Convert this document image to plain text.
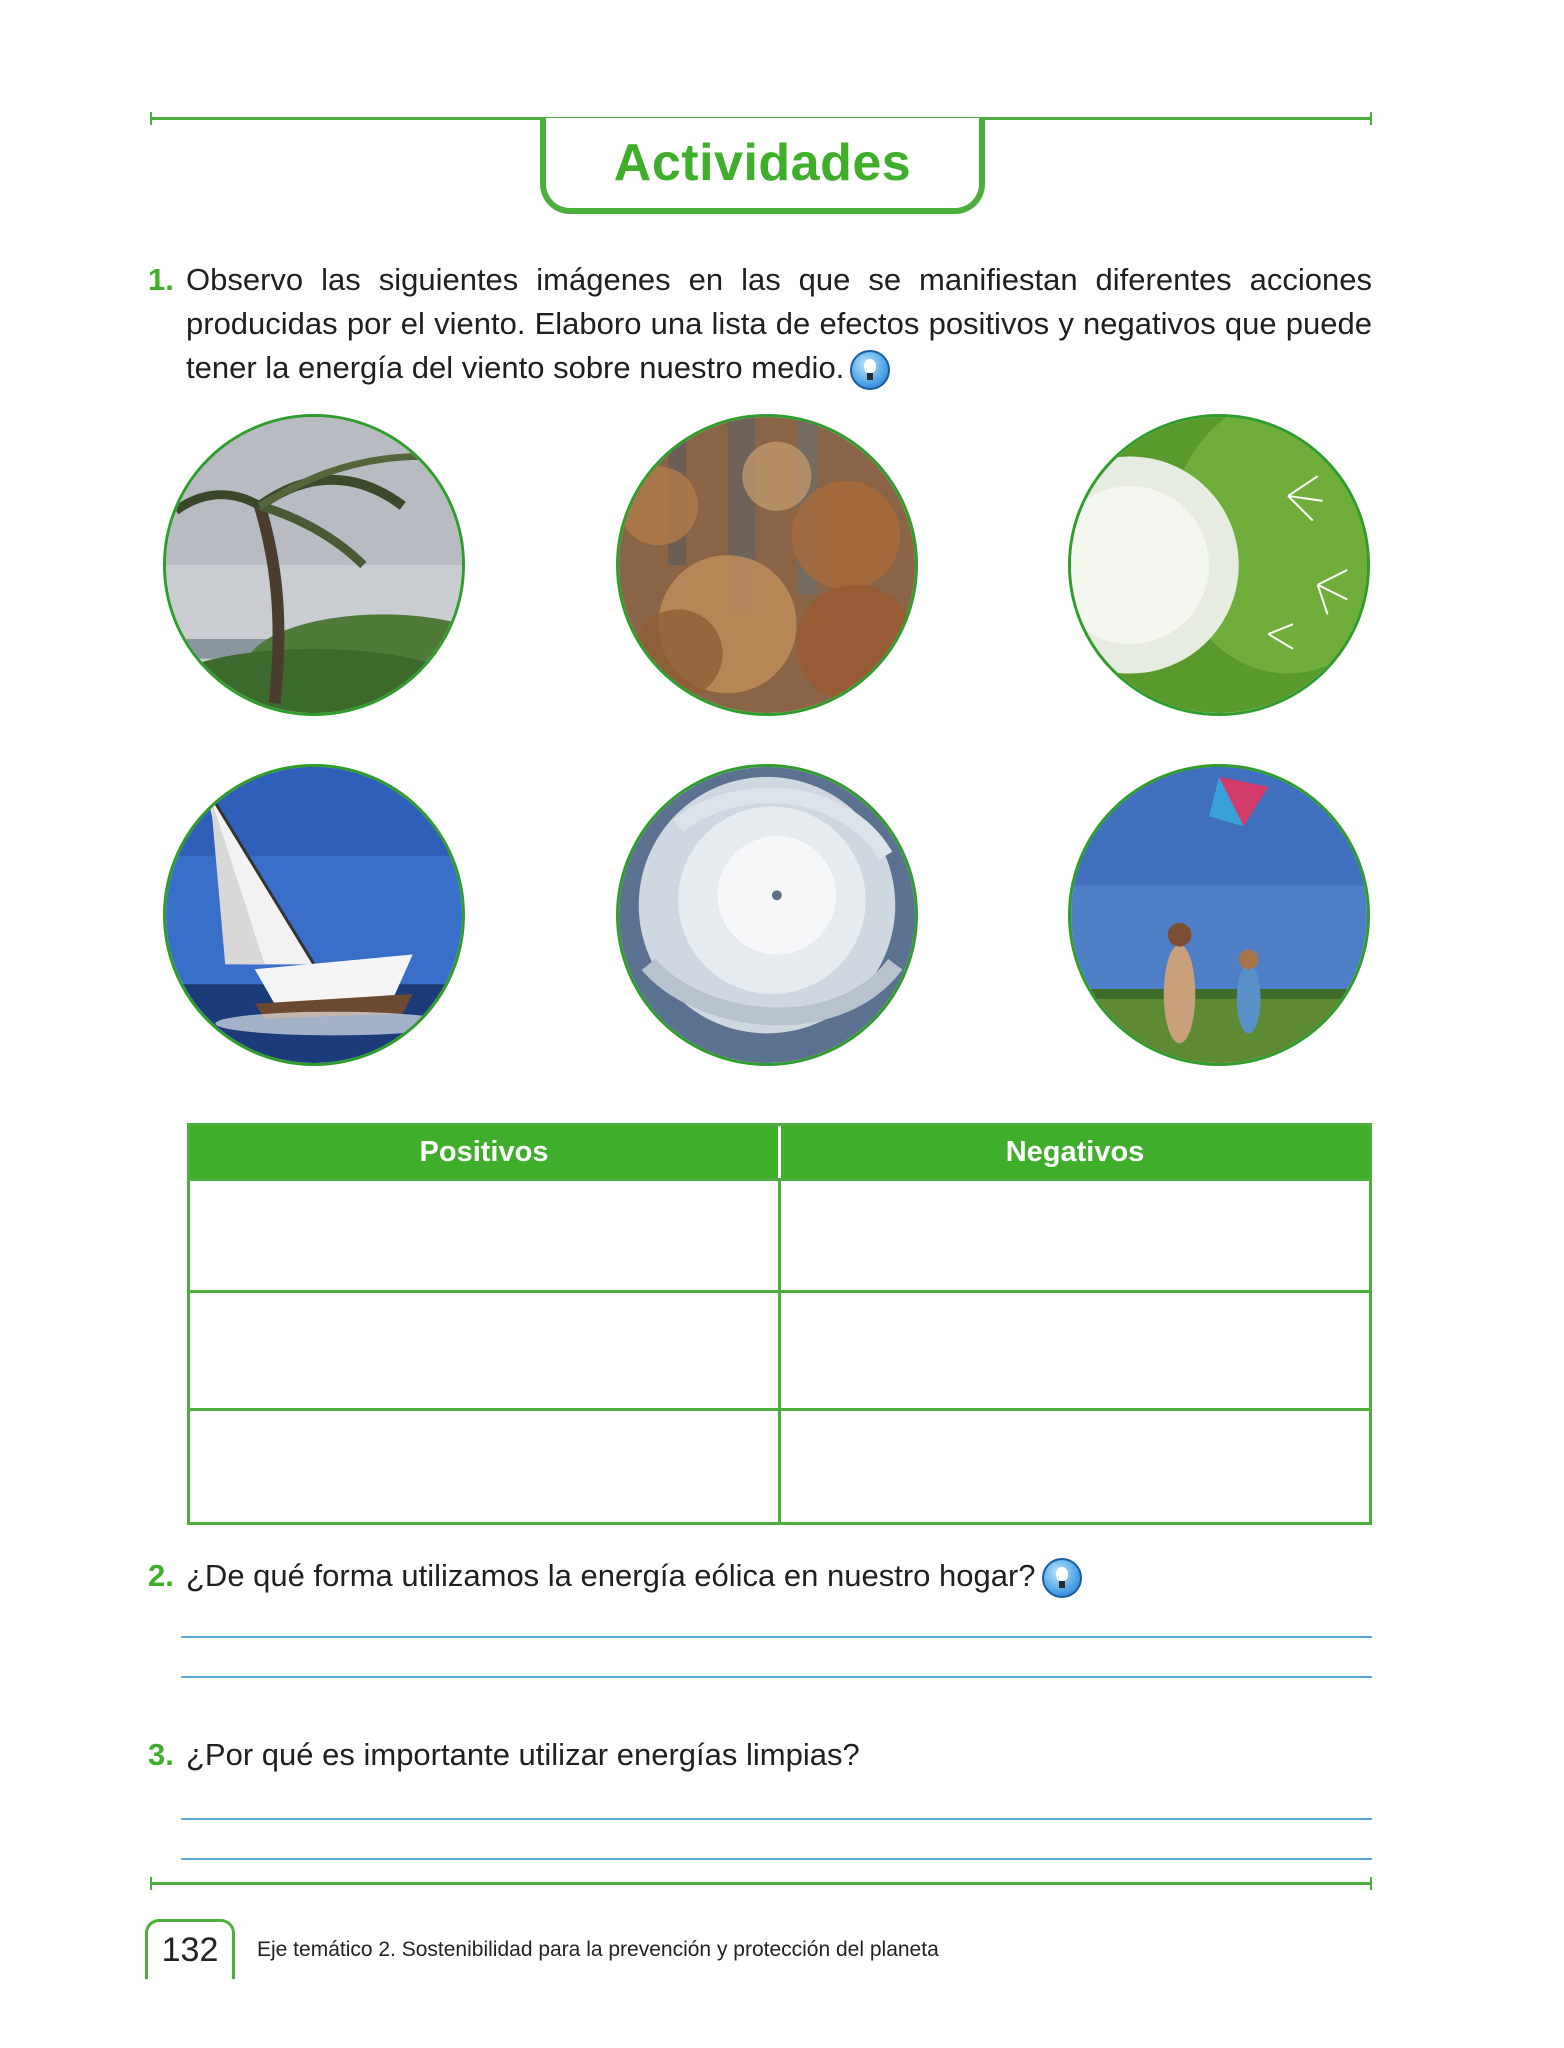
Actividades
1. Observo las siguientes imágenes en las que se manifiestan diferentes acciones producidas por el viento. Elaboro una lista de efectos positivos y negativos que puede tener la energía del viento sobre nuestro medio.
Positivos	Negativos
2. ¿De qué forma utilizamos la energía eólica en nuestro hogar?
3. ¿Por qué es importante utilizar energías limpias?
132 Eje temático 2. Sostenibilidad para la prevención y protección del planeta
